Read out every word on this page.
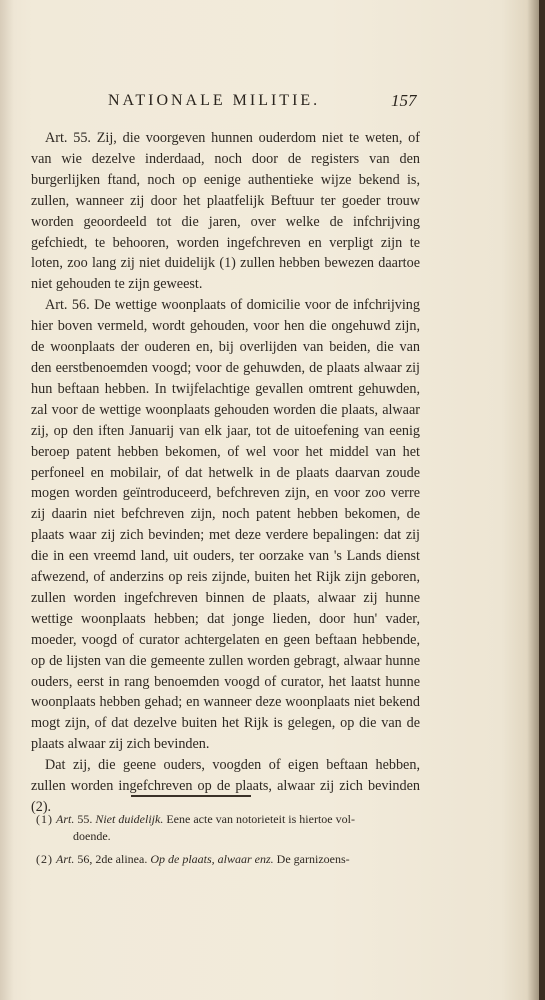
NATIONALE MILITIE.	157

Art. 55. Zij, die voorgeven hunnen ouderdom niet te weten, of van wie dezelve inderdaad, noch door de registers van den burgerlijken ftand, noch op eenige authentieke wijze bekend is, zullen, wanneer zij door het plaatfelijk Beftuur ter goeder trouw worden geoordeeld tot die jaren, over welke de infchrijving gefchiedt, te behooren, worden ingefchreven en verpligt zijn te loten, zoo lang zij niet duidelijk (1) zullen hebben bewezen daartoe niet gehouden te zijn geweest.

Art. 56. De wettige woonplaats of domicilie voor de infchrijving hier boven vermeld, wordt gehouden, voor hen die ongehuwd zijn, de woonplaats der ouderen en, bij overlijden van beiden, die van den eerstbenoemden voogd; voor de gehuwden, de plaats alwaar zij hun beftaan hebben. In twijfelachtige gevallen omtrent gehuwden, zal voor de wettige woonplaats gehouden worden die plaats, alwaar zij, op den iften Januarij van elk jaar, tot de uitoefening van eenig beroep patent hebben bekomen, of wel voor het middel van het perfoneel en mobilair, of dat hetwelk in de plaats daarvan zoude mogen worden geïntroduceerd, befchreven zijn, en voor zoo verre zij daarin niet befchreven zijn, noch patent hebben bekomen, de plaats waar zij zich bevinden; met deze verdere bepalingen: dat zij die in een vreemd land, uit ouders, ter oorzake van 's Lands dienst afwezend, of anderzins op reis zijnde, buiten het Rijk zijn geboren, zullen worden ingefchreven binnen de plaats, alwaar zij hunne wettige woonplaats hebben; dat jonge lieden, door hun' vader, moeder, voogd of curator achtergelaten en geen beftaan hebbende, op de lijsten van die gemeente zullen worden gebragt, alwaar hunne ouders, eerst in rang benoemden voogd of curator, het laatst hunne woonplaats hebben gehad; en wanneer deze woonplaats niet bekend mogt zijn, of dat dezelve buiten het Rijk is gelegen, op die van de plaats alwaar zij zich bevinden.

Dat zij, die geene ouders, voogden of eigen beftaan hebben, zullen worden ingefchreven op de plaats, alwaar zij zich bevinden (2).

(1) Art. 55. Niet duidelijk. Eene acte van notorieteit is hiertoe vol-
doende.
(2) Art. 56, 2de alinea. Op de plaats, alwaar enz. De garnizoens-
